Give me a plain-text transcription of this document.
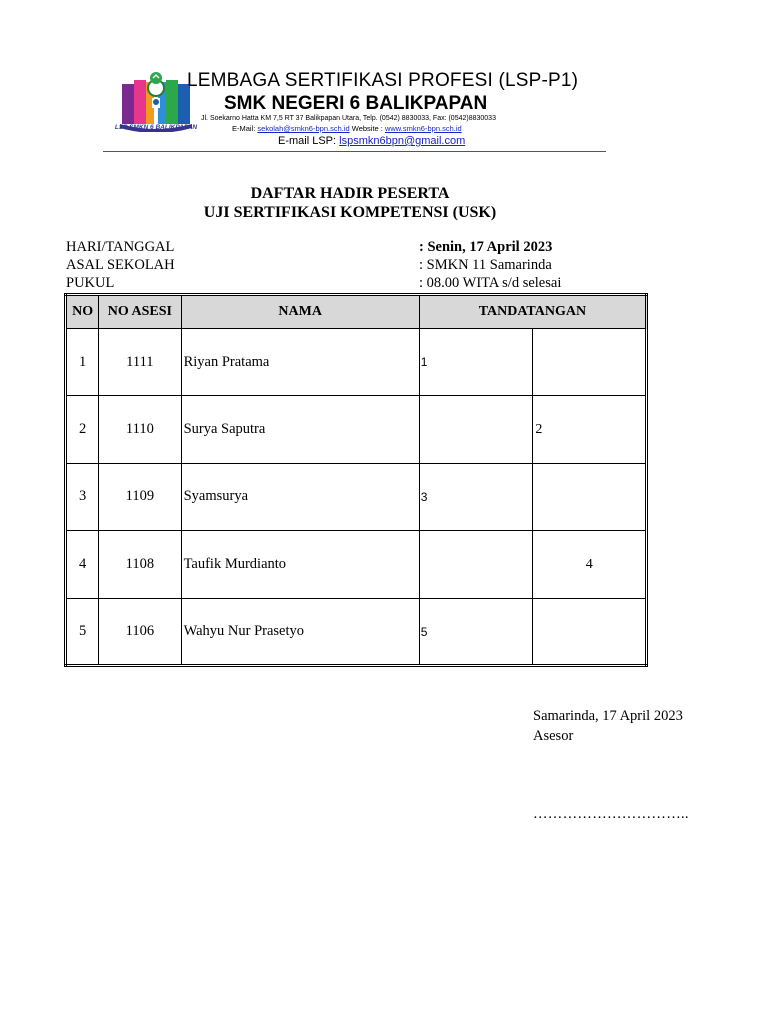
LSP SMKN 6 BALIKPAPAN
LEMBAGA SERTIFIKASI PROFESI (LSP-P1)
SMK NEGERI 6 BALIKPAPAN
Jl. Soekarno Hatta KM 7,5 RT 37 Balikpapan Utara, Telp. (0542) 8830033, Fax: (0542)8830033
E-Mail: sekolah@smkn6-bpn.sch.id Website : www.smkn6-bpn.sch.id
E-mail LSP: lspsmkn6bpn@gmail.com
DAFTAR HADIR PESERTA
UJI SERTIFIKASI KOMPETENSI (USK)
HARI/TANGGAL	: Senin, 17 April 2023
ASAL SEKOLAH	: SMKN 11 Samarinda
PUKUL	: 08.00 WITA s/d selesai
NO	NO ASESI	NAMA	TANDATANGAN	
1	1111	Riyan Pratama	1	

2	1110	Surya Saputra		2

3	1109	Syamsurya	3	

4	1108	Taufik Murdianto		4

5	1106	Wahyu Nur Prasetyo	5	

Samarinda, 17 April 2023
Asesor
…………………………..
